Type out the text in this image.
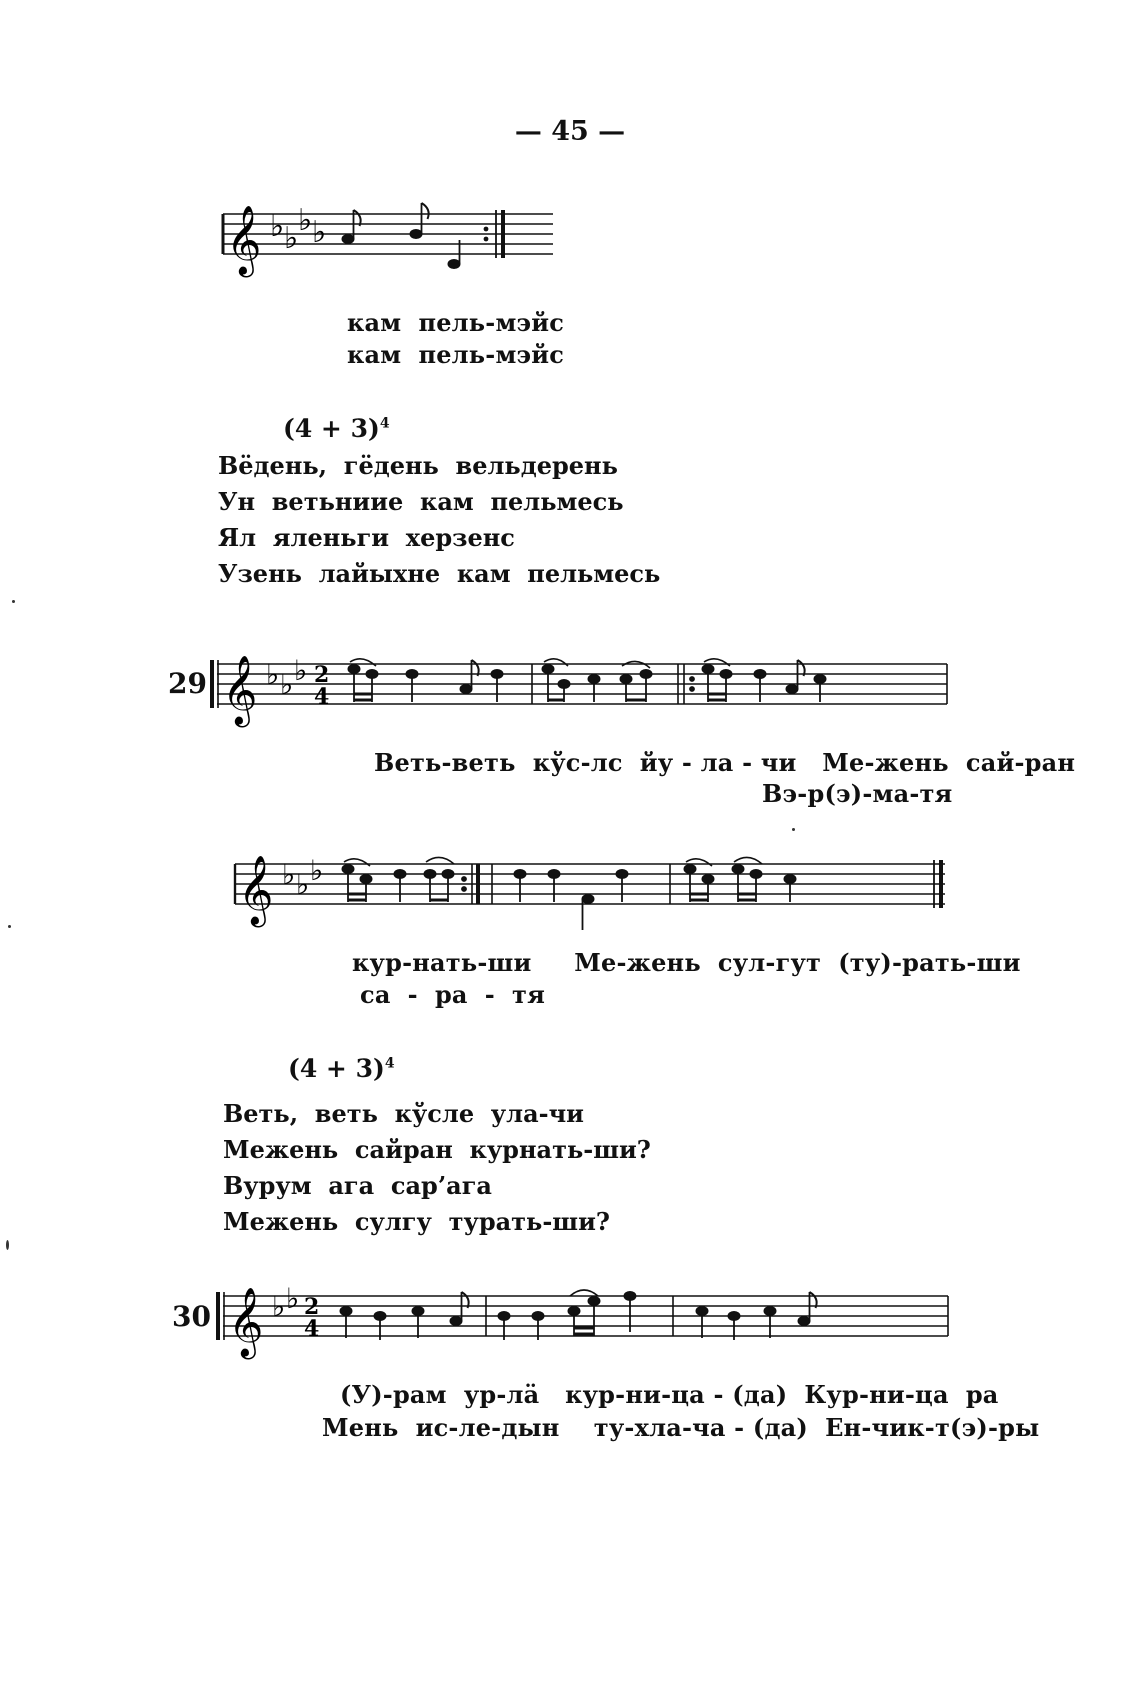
— 45 —
𝄞 ♭ ♭
♭ ♭
кам  пель-мэйс
кам  пель-мэйс
$(4 + 3)^4$
Вёдень,  гёдень  вельдерень
Ун  ветьниие  кам  пельмесь
Ял  яленьги  херзенс
Узень  лайыхне  кам  пельмесь
29 𝄞 ♭ ♭ ♭ 2
4
Веть-веть  кўс-лс  йу - ла - чи   Ме-жень  сай-ран
Вэ-р(э)-ма-тя
𝄞 ♭ ♭ ♭
кур-нать-ши     Ме-жень  сул-гут  (ту)-рать-ши
са  -  ра  -  тя
$(4 + 3)^4$
Веть,  веть  кўсле  ула-чи
Межень  сайран  курнать-ши?
Вурум  ага  сар’ага
Межень  сулгу  турать-ши?
30 𝄞 ♭ ♭ 2
4
(У)-рам  ур-лä   кур-ни-ца - (да)  Кур-ни-ца  ра
Мень  ис-ле-дын    ту-хла-ча - (да)  Ен-чик-т(э)-ры
